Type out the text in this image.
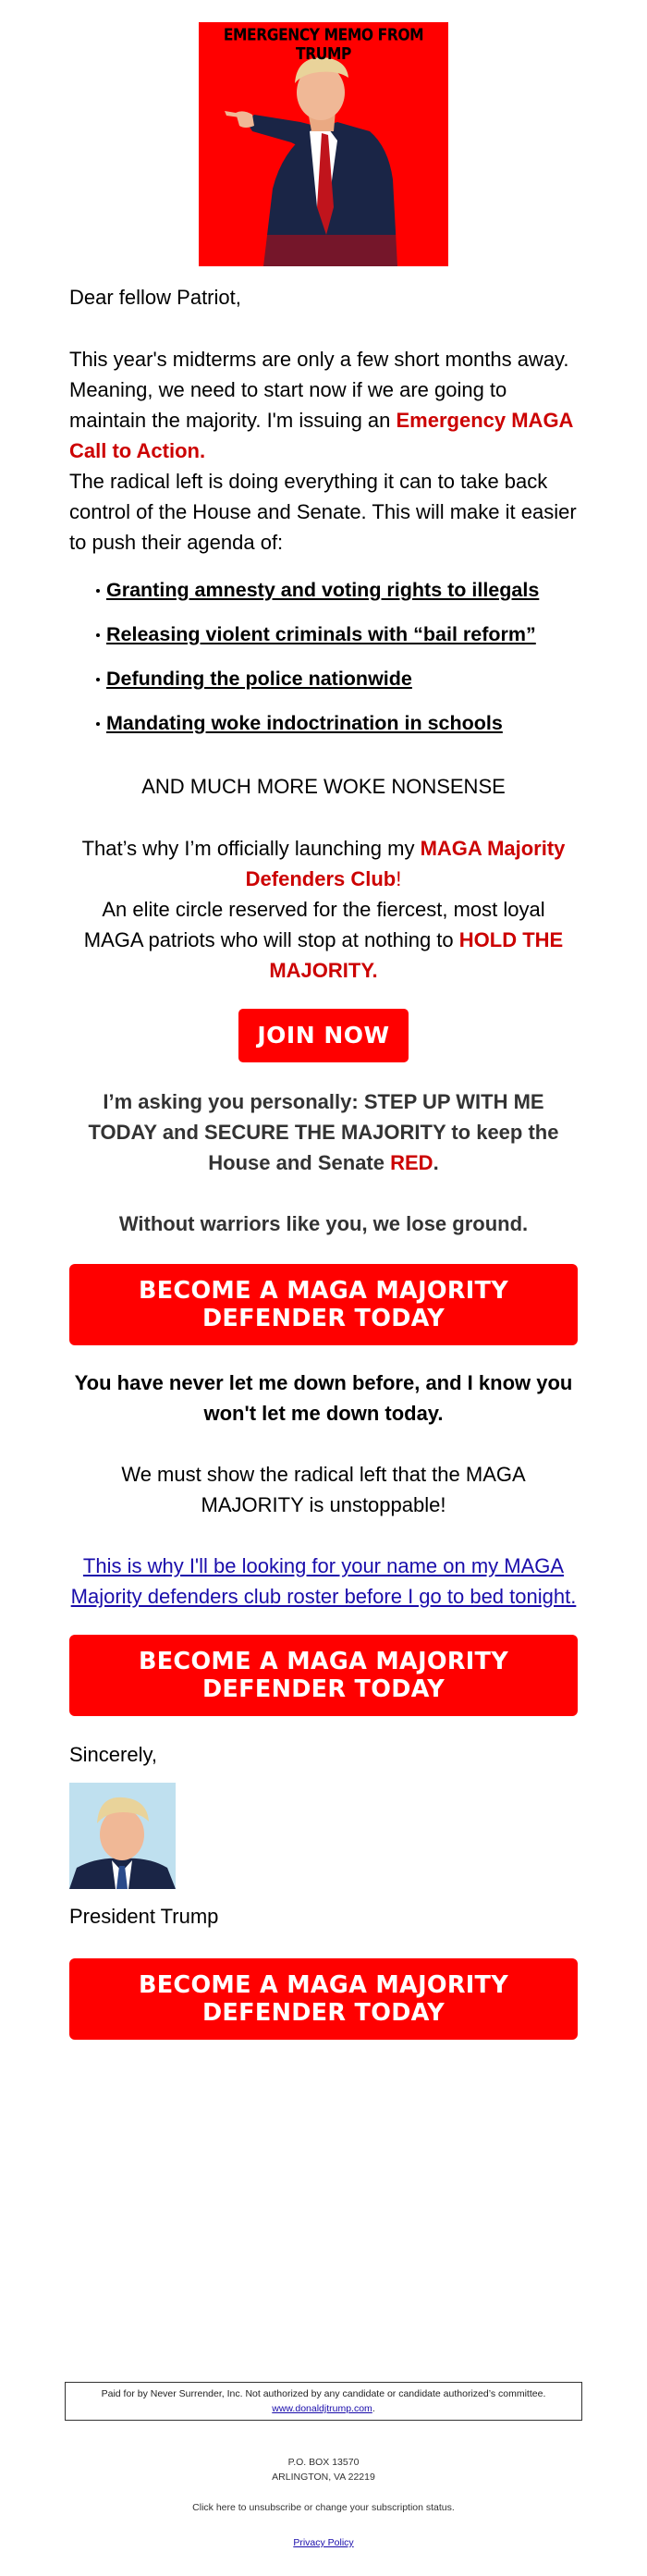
EMERGENCY MEMO FROM TRUMP
Dear fellow Patriot,
This year's midterms are only a few short months away. Meaning, we need to start now if we are going to maintain the majority. I'm issuing an Emergency MAGA Call to Action.
The radical left is doing everything it can to take back control of the House and Senate. This will make it easier to push their agenda of:
Granting amnesty and voting rights to illegals
Releasing violent criminals with “bail reform”
Defunding the police nationwide
Mandating woke indoctrination in schools
AND MUCH MORE WOKE NONSENSE
That’s why I’m officially launching my MAGA Majority Defenders Club!
An elite circle reserved for the fiercest, most loyal MAGA patriots who will stop at nothing to HOLD THE MAJORITY.
JOIN NOW
I’m asking you personally: STEP UP WITH ME TODAY and SECURE THE MAJORITY to keep the House and Senate RED.
Without warriors like you, we lose ground.
BECOME A MAGA MAJORITY
DEFENDER TODAY
You have never let me down before, and I know you won't let me down today.
We must show the radical left that the MAGA MAJORITY is unstoppable!
This is why I'll be looking for your name on my MAGA Majority defenders club roster before I go to bed tonight.
BECOME A MAGA MAJORITY
DEFENDER TODAY
Sincerely,
President Trump
BECOME A MAGA MAJORITY
DEFENDER TODAY
Paid for by Never Surrender, Inc. Not authorized by any candidate or candidate authorized’s committee.
www.donaldjtrump.com.
P.O. BOX 13570
ARLINGTON, VA 22219
Click here to unsubscribe or change your subscription status.
Privacy Policy
